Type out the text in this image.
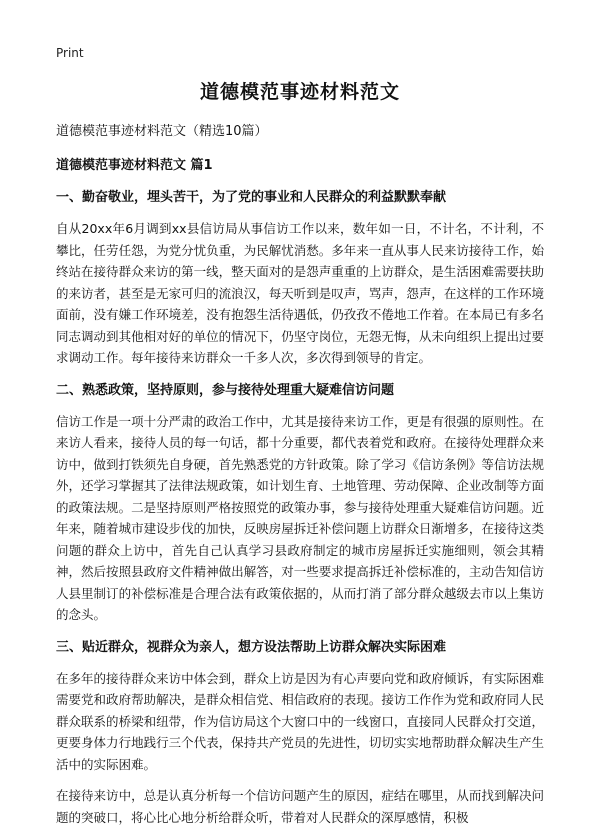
Print
道德模范事迹材料范文
道德模范事迹材料范文（精选10篇）
道德模范事迹材料范文 篇1
一、勤奋敬业，埋头苦干，为了党的事业和人民群众的利益默默奉献
自从20xx年6月调到xx县信访局从事信访工作以来，数年如一日，不计名，不计利，不攀比，任劳任怨，为党分忧负重，为民解忧消愁。多年来一直从事人民来访接待工作，始终站在接待群众来访的第一线，整天面对的是怨声重重的上访群众，是生活困难需要扶助的来访者，甚至是无家可归的流浪汉，每天听到是叹声，骂声，怨声，在这样的工作环境面前，没有嫌工作环境差，没有抱怨生活待遇低，仍孜孜不倦地工作着。在本局已有多名同志调动到其他相对好的单位的情况下，仍坚守岗位，无怨无悔，从未向组织上提出过要求调动工作。每年接待来访群众一千多人次，多次得到领导的肯定。
二、熟悉政策，坚持原则，参与接待处理重大疑难信访问题
信访工作是一项十分严肃的政治工作中，尤其是接待来访工作，更是有很强的原则性。在来访人看来，接待人员的每一句话，都十分重要，都代表着党和政府。在接待处理群众来访中，做到打铁须先自身硬，首先熟悉党的方针政策。除了学习《信访条例》等信访法规外，还学习掌握其了法律法规政策，如计划生育、土地管理、劳动保障、企业改制等方面的政策法规。二是坚持原则严格按照党的政策办事，参与接待处理重大疑难信访问题。近年来，随着城市建设步伐的加快，反映房屋拆迁补偿问题上访群众日渐增多，在接待这类问题的群众上访中，首先自己认真学习县政府制定的城市房屋拆迁实施细则，领会其精神，然后按照县政府文件精神做出解答，对一些要求提高拆迁补偿标准的，主动告知信访人县里制订的补偿标准是合理合法有政策依据的，从而打消了部分群众越级去市以上集访的念头。
三、贴近群众，视群众为亲人，想方设法帮助上访群众解决实际困难
在多年的接待群众来访中体会到，群众上访是因为有心声要向党和政府倾诉，有实际困难需要党和政府帮助解决，是群众相信党、相信政府的表现。接访工作作为党和政府同人民群众联系的桥梁和纽带，作为信访局这个大窗口中的一线窗口，直接同人民群众打交道，更要身体力行地践行三个代表，保持共产党员的先进性，切切实实地帮助群众解决生产生活中的实际困难。
在接待来访中，总是认真分析每一个信访问题产生的原因，症结在哪里，从而找到解决问题的突破口，将心比心地分析给群众听，带着对人民群众的深厚感情，积极
